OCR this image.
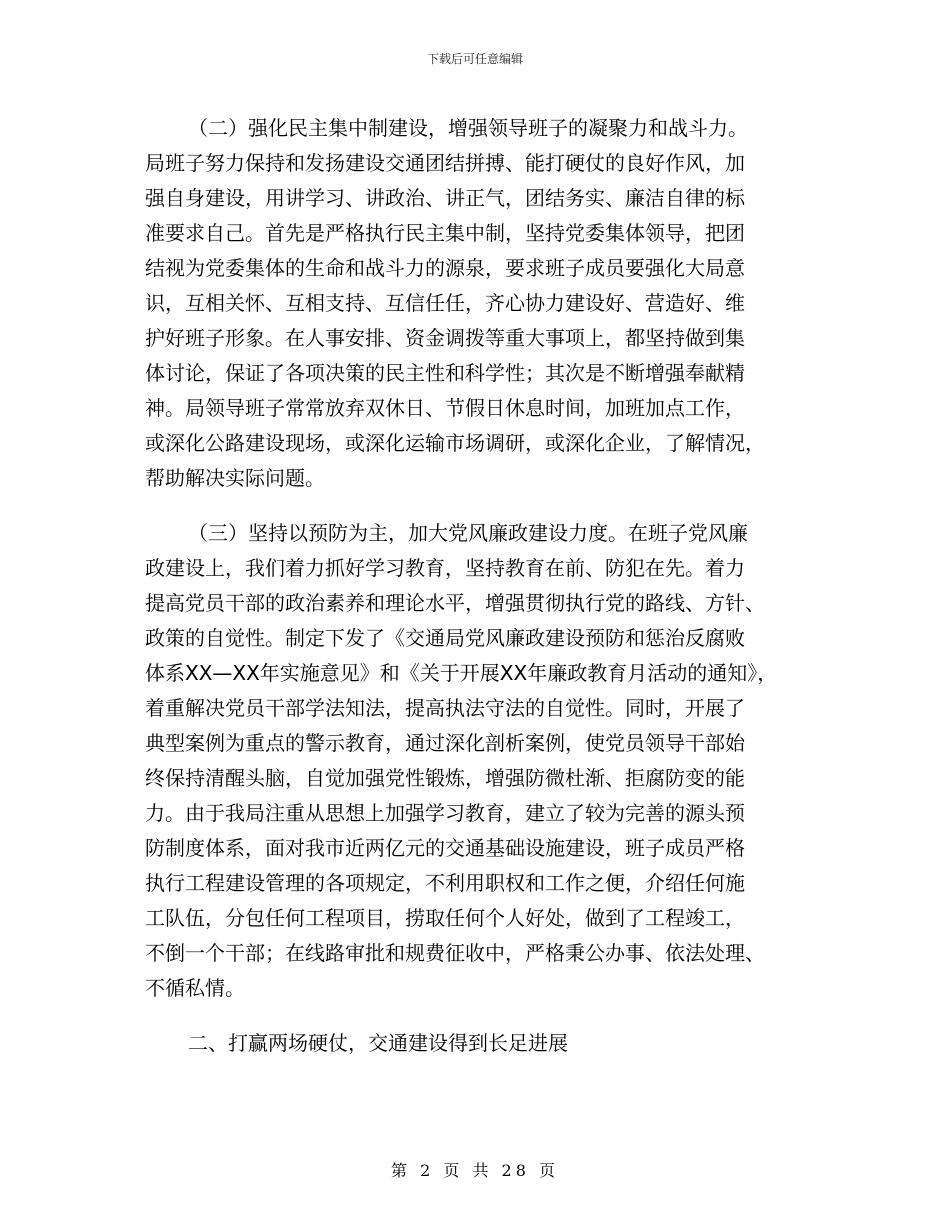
下载后可任意编辑
（二）强化民主集中制建设，增强领导班子的凝聚力和战斗力。
局班子努力保持和发扬建设交通团结拼搏、能打硬仗的良好作风，加
强自身建设，用讲学习、讲政治、讲正气，团结务实、廉洁自律的标
准要求自己。首先是严格执行民主集中制，坚持党委集体领导，把团
结视为党委集体的生命和战斗力的源泉，要求班子成员要强化大局意
识，互相关怀、互相支持、互信任任，齐心协力建设好、营造好、维
护好班子形象。在人事安排、资金调拨等重大事项上，都坚持做到集
体讨论，保证了各项决策的民主性和科学性；其次是不断增强奉献精
神。局领导班子常常放弃双休日、节假日休息时间，加班加点工作，
或深化公路建设现场，或深化运输市场调研，或深化企业，了解情况，
帮助解决实际问题。
（三）坚持以预防为主，加大党风廉政建设力度。在班子党风廉
政建设上，我们着力抓好学习教育，坚持教育在前、防犯在先。着力
提高党员干部的政治素养和理论水平，增强贯彻执行党的路线、方针、
政策的自觉性。制定下发了《交通局党风廉政建设预防和惩治反腐败
体系XX—XX年实施意见》和《关于开展XX年廉政教育月活动的通知》，
着重解决党员干部学法知法，提高执法守法的自觉性。同时，开展了
典型案例为重点的警示教育，通过深化剖析案例，使党员领导干部始
终保持清醒头脑，自觉加强党性锻炼，增强防微杜渐、拒腐防变的能
力。由于我局注重从思想上加强学习教育，建立了较为完善的源头预
防制度体系，面对我市近两亿元的交通基础设施建设，班子成员严格
执行工程建设管理的各项规定，不利用职权和工作之便，介绍任何施
工队伍，分包任何工程项目，捞取任何个人好处，做到了工程竣工，
不倒一个干部；在线路审批和规费征收中，严格秉公办事、依法处理、
不循私情。
二、打赢两场硬仗，交通建设得到长足进展
第 2 页 共 28 页
